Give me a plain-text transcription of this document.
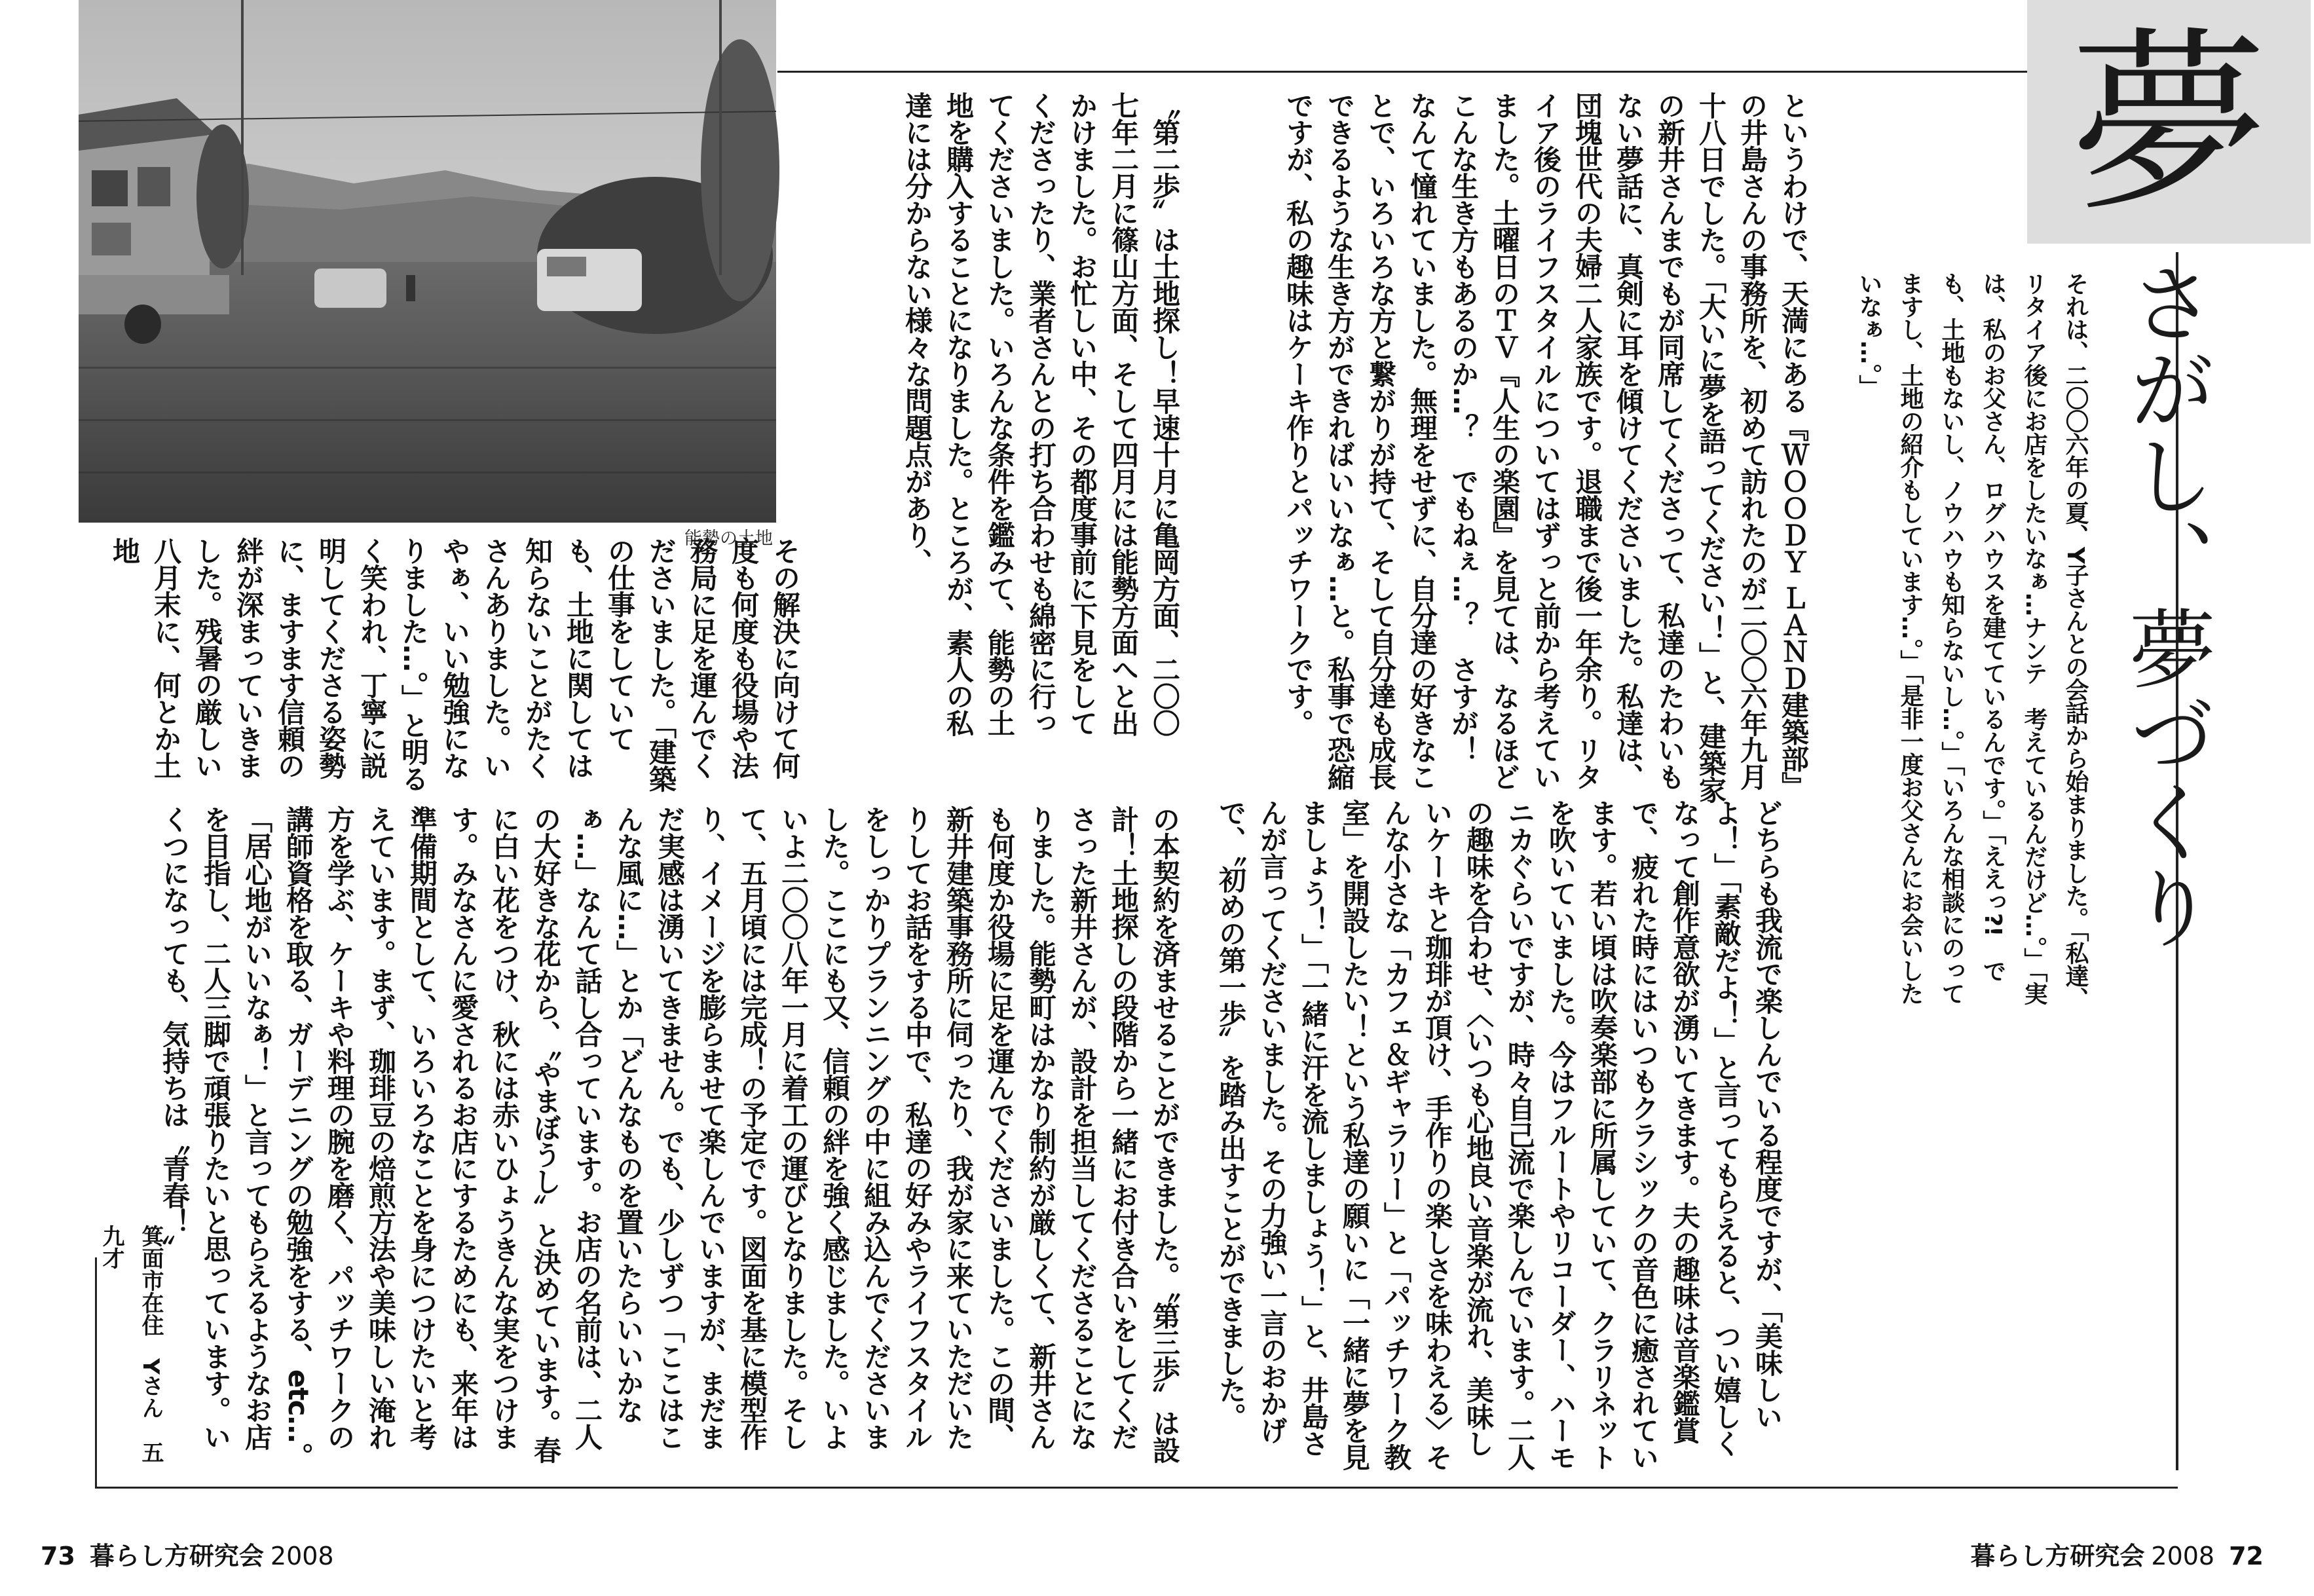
能勢の土地
夢
さがし、夢づくり
それは、二〇〇六年の夏、Y子さんとの会話から始まりました。「私達、リタイア後にお店をしたいなぁ…ナンテ　考えているんだけど…。」「実は、私のお父さん、ログハウスを建てているんです。」「ええっ?!　でも、土地もないし、ノウハウも知らないし…。」「いろんな相談にのってますし、土地の紹介もしています…。」「是非一度お父さんにお会いしたいなぁ…。」
というわけで、天満にある『ＷＯＯＤＹ ＬＡＮＤ建築部』の井島さんの事務所を、初めて訪れたのが二〇〇六年九月十八日でした。「大いに夢を語ってください！」と、建築家の新井さんまでもが同席してくださって、私達のたわいもない夢話に、真剣に耳を傾けてくださいました。私達は、団塊世代の夫婦二人家族です。退職まで後一年余り。リタイア後のライフスタイルについてはずっと前から考えていました。土曜日のＴＶ『人生の楽園』を見ては、なるほどこんな生き方もあるのか…？　でもねぇ…？　さすが！　なんて憧れていました。無理をせずに、自分達の好きなことで、いろいろな方と繋がりが持て、そして自分達も成長できるような生き方ができればいいなぁ…と。私事で恐縮ですが、私の趣味はケーキ作りとパッチワークです。
どちらも我流で楽しんでいる程度ですが、「美味しいよ！」「素敵だよ！」と言ってもらえると、つい嬉しくなって創作意欲が湧いてきます。夫の趣味は音楽鑑賞で、疲れた時にはいつもクラシックの音色に癒されています。若い頃は吹奏楽部に所属していて、クラリネットを吹いていました。今はフルートやリコーダー、ハーモニカぐらいですが、時々自己流で楽しんでいます。二人の趣味を合わせ、〈いつも心地良い音楽が流れ、美味しいケーキと珈琲が頂け、手作りの楽しさを味わえる〉そんな小さな「カフェ＆ギャラリー」と「パッチワーク教室」を開設したい！という私達の願いに「一緒に夢を見ましょう！」「一緒に汗を流しましょう！」と、井島さんが言ってくださいました。その力強い一言のおかげで、〝初めの第一歩〟を踏み出すことができました。
〝第二歩〟は土地探し！早速十月に亀岡方面、二〇〇七年二月に篠山方面、そして四月には能勢方面へと出かけました。お忙しい中、その都度事前に下見をしてくださったり、業者さんとの打ち合わせも綿密に行ってくださいました。いろんな条件を鑑みて、能勢の土地を購入することになりました。ところが、素人の私達には分からない様々な問題点があり、
その解決に向けて何度も何度も役場や法務局に足を運んでくださいました。「建築の仕事をしていても、土地に関しては知らないことがたくさんありました。いやぁ、いい勉強になりました…。」と明るく笑われ、丁寧に説明してくださる姿勢に、ますます信頼の絆が深まっていきました。残暑の厳しい八月末に、何とか土地
の本契約を済ませることができました。〝第三歩〟は設計！土地探しの段階から一緒にお付き合いをしてくださった新井さんが、設計を担当してくださることになりました。能勢町はかなり制約が厳しくて、新井さんも何度か役場に足を運んでくださいました。この間、新井建築事務所に伺ったり、我が家に来ていただいたりしてお話をする中で、私達の好みやライフスタイルをしっかりプランニングの中に組み込んでくださいました。ここにも又、信頼の絆を強く感じました。いよいよ二〇〇八年一月に着工の運びとなりました。そして、五月頃には完成！の予定です。図面を基に模型作り、イメージを膨らませて楽しんでいますが、まだまだ実感は湧いてきません。でも、少しずつ「ここはこんな風に…」とか「どんなものを置いたらいいかなぁ…」なんて話し合っています。お店の名前は、二人の大好きな花から、〝やまぼうし〟と決めています。春に白い花をつけ、秋には赤いひょうきんな実をつけます。みなさんに愛されるお店にするためにも、来年は準備期間として、いろいろなことを身につけたいと考えています。まず、珈琲豆の焙煎方法や美味しい淹れ方を学ぶ、ケーキや料理の腕を磨く、パッチワークの講師資格を取る、ガーデニングの勉強をする、etc…。「居心地がいいなぁ！」と言ってもらえるようなお店を目指し、二人三脚で頑張りたいと思っています。いくつになっても、気持ちは〝青春！〟
箕面市在住　Yさん　五九才
73 暮らし方研究会 2008	暮らし方研究会 2008 72
